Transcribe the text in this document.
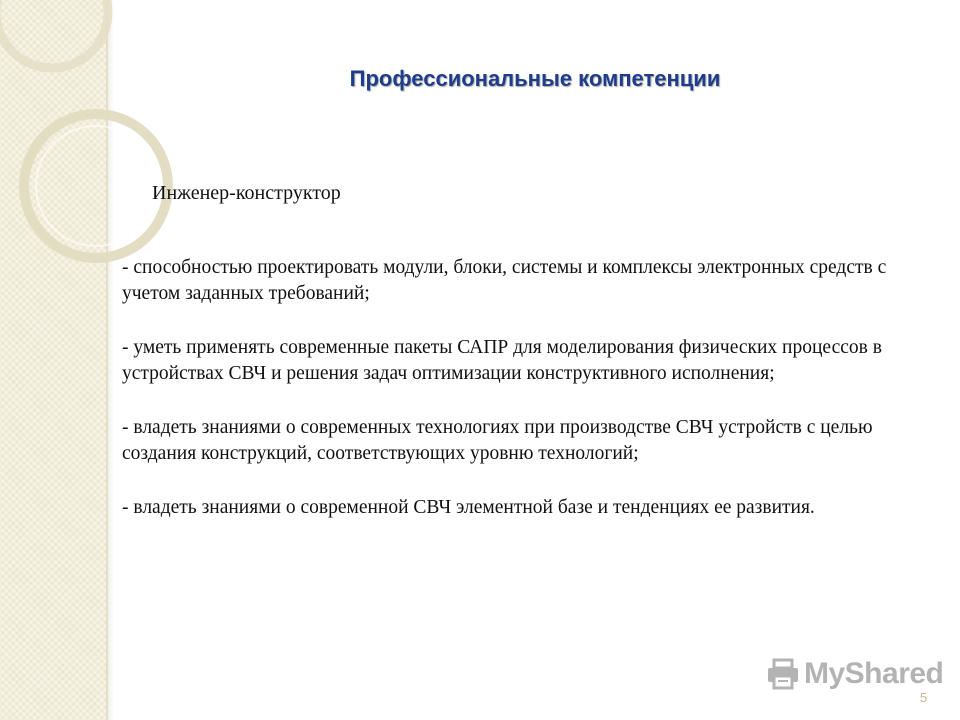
Профессиональные компетенции
Инженер-конструктор
- способностью проектировать модули, блоки, системы и комплексы электронных средств с учетом заданных требований;
- уметь применять современные пакеты САПР для моделирования физических процессов в устройствах СВЧ и решения задач оптимизации конструктивного исполнения;
- владеть знаниями о современных технологиях при производстве СВЧ устройств с целью создания конструкций, соответствующих уровню технологий;
- владеть знаниями о современной СВЧ элементной базе и тенденциях ее развития.
MyShared
5
